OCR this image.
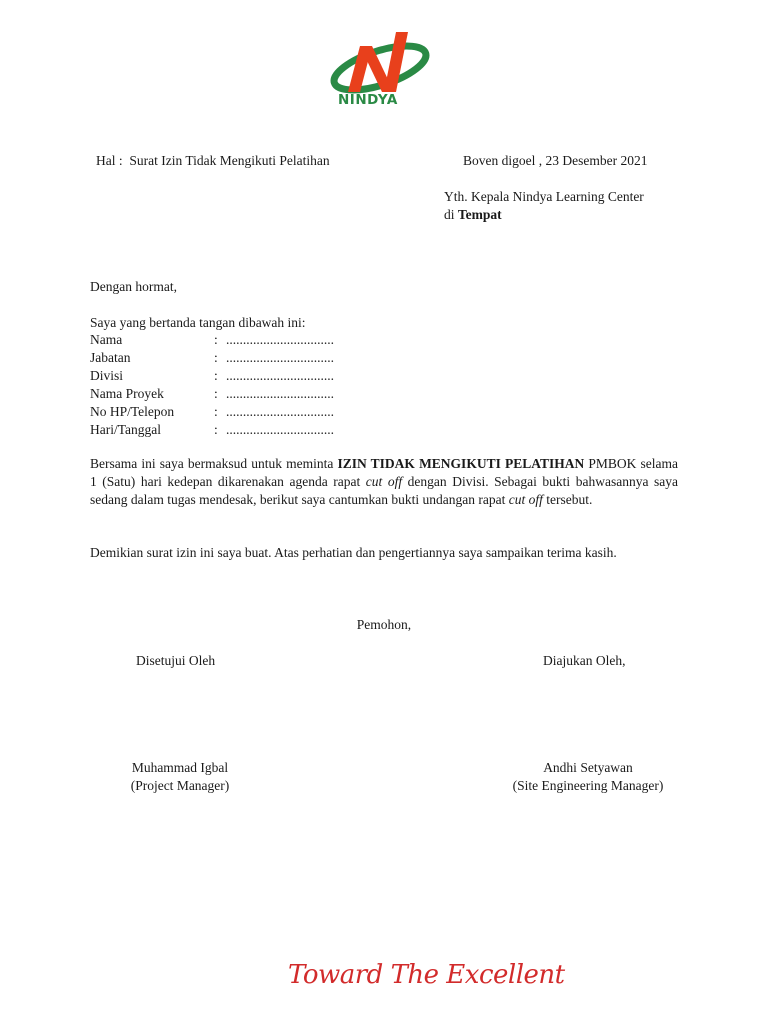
NINDYA
Hal :  Surat Izin Tidak Mengikuti Pelatihan	Boven digoel , 23 Desember 2021
Yth. Kepala Nindya Learning Center
di Tempat
Dengan hormat,
Saya yang bertanda tangan dibawah ini:
Nama	: ................................
Jabatan	: ................................
Divisi	: ................................
Nama Proyek	: ................................
No HP/Telepon	: ................................
Hari/Tanggal	: ................................
Bersama ini saya bermaksud untuk meminta IZIN TIDAK MENGIKUTI PELATIHAN PMBOK selama 1 (Satu) hari kedepan dikarenakan agenda rapat cut off dengan Divisi. Sebagai bukti bahwasannya saya sedang dalam tugas mendesak, berikut saya cantumkan bukti undangan rapat cut off tersebut.
Demikian surat izin ini saya buat. Atas perhatian dan pengertiannya saya sampaikan terima kasih.
Pemohon,
Disetujui Oleh	Diajukan Oleh,
Muhammad Igbal
(Project Manager)
Andhi Setyawan
(Site Engineering Manager)
Toward The Excellent
